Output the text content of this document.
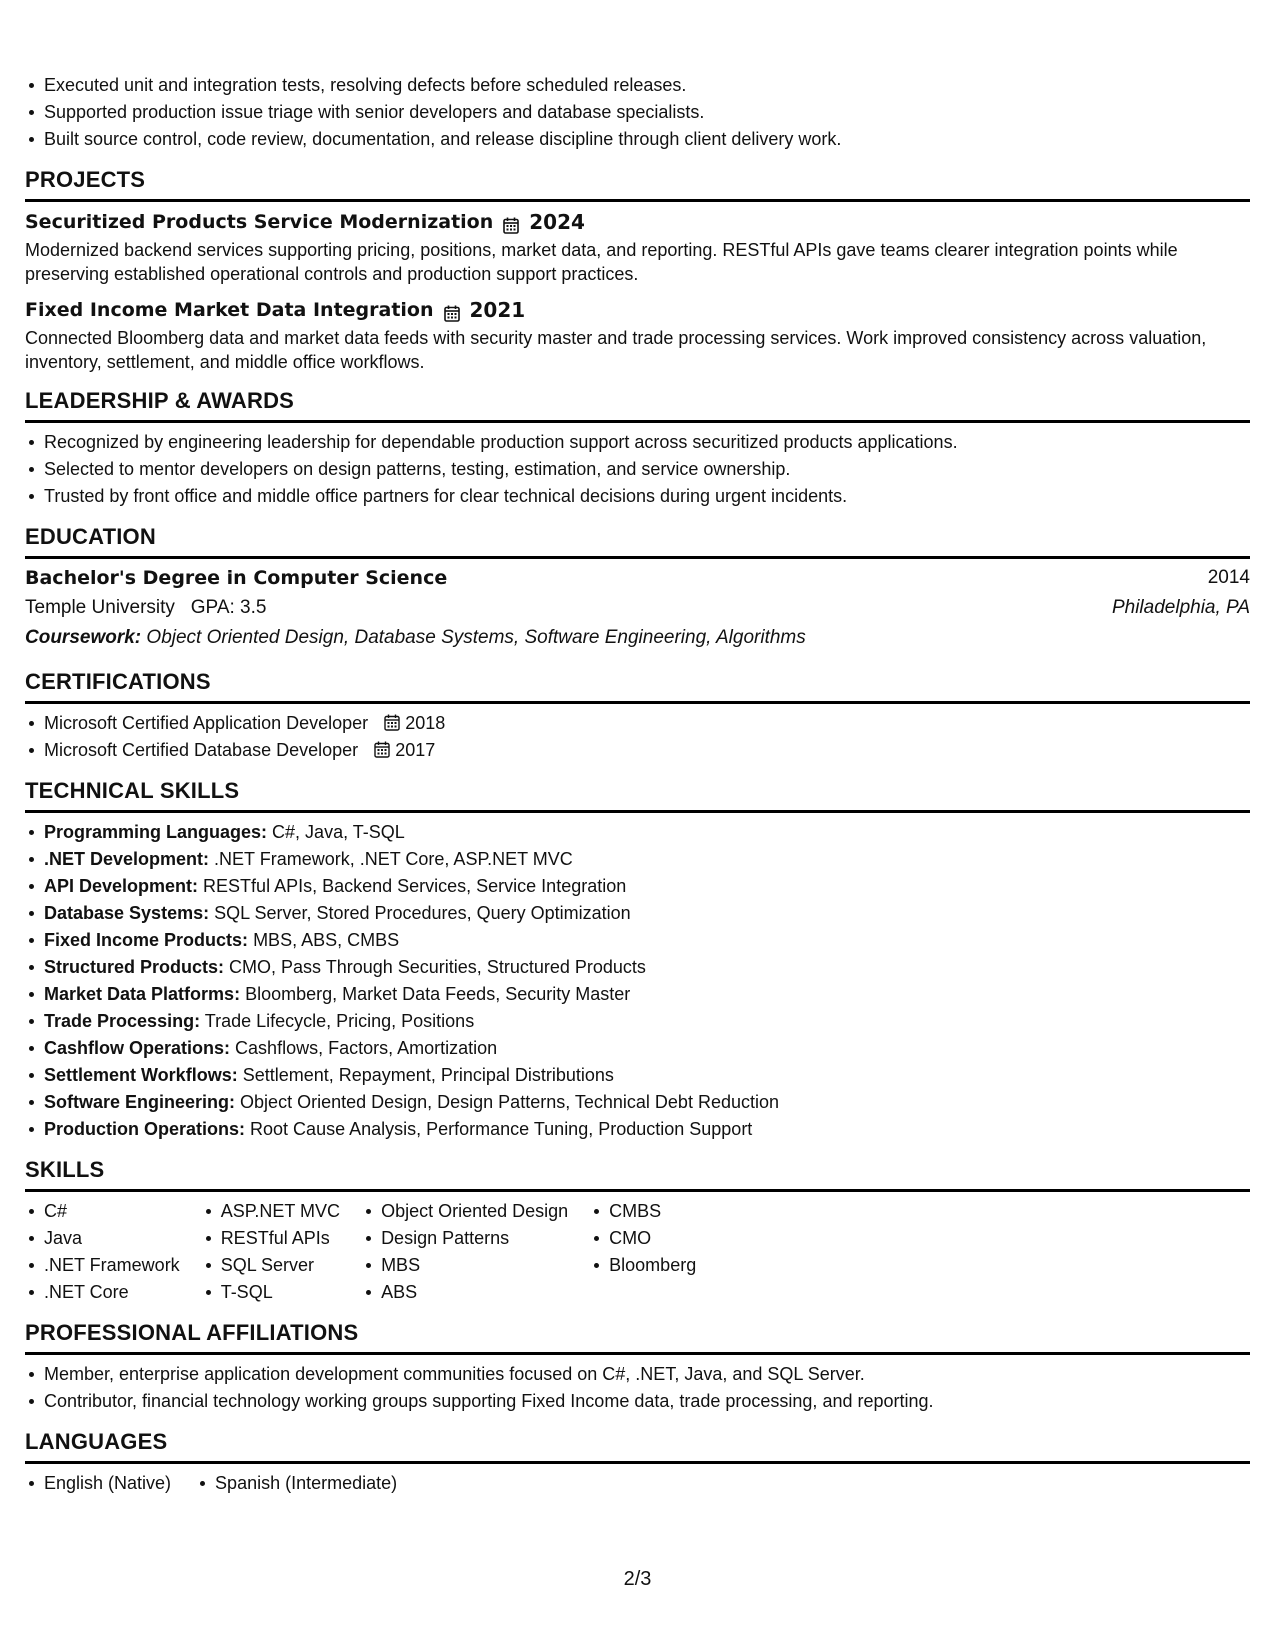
Executed unit and integration tests, resolving defects before scheduled releases.
Supported production issue triage with senior developers and database specialists.
Built source control, code review, documentation, and release discipline through client delivery work.
PROJECTS
Securitized Products Service Modernization 2024
Modernized backend services supporting pricing, positions, market data, and reporting. RESTful APIs gave teams clearer integration points while preserving established operational controls and production support practices.
Fixed Income Market Data Integration 2021
Connected Bloomberg data and market data feeds with security master and trade processing services. Work improved consistency across valuation, inventory, settlement, and middle office workflows.
LEADERSHIP & AWARDS
Recognized by engineering leadership for dependable production support across securitized products applications.
Selected to mentor developers on design patterns, testing, estimation, and service ownership.
Trusted by front office and middle office partners for clear technical decisions during urgent incidents.
EDUCATION
Bachelor's Degree in Computer Science	2014
Temple University GPA: 3.5	Philadelphia, PA
Coursework: Object Oriented Design, Database Systems, Software Engineering, Algorithms
CERTIFICATIONS
Microsoft Certified Application Developer 2018
Microsoft Certified Database Developer 2017
TECHNICAL SKILLS
Programming Languages: C#, Java, T-SQL
.NET Development: .NET Framework, .NET Core, ASP.NET MVC
API Development: RESTful APIs, Backend Services, Service Integration
Database Systems: SQL Server, Stored Procedures, Query Optimization
Fixed Income Products: MBS, ABS, CMBS
Structured Products: CMO, Pass Through Securities, Structured Products
Market Data Platforms: Bloomberg, Market Data Feeds, Security Master
Trade Processing: Trade Lifecycle, Pricing, Positions
Cashflow Operations: Cashflows, Factors, Amortization
Settlement Workflows: Settlement, Repayment, Principal Distributions
Software Engineering: Object Oriented Design, Design Patterns, Technical Debt Reduction
Production Operations: Root Cause Analysis, Performance Tuning, Production Support
SKILLS
C#
Java
.NET Framework
.NET Core
ASP.NET MVC
RESTful APIs
SQL Server
T-SQL
Object Oriented Design
Design Patterns
MBS
ABS
CMBS
CMO
Bloomberg
PROFESSIONAL AFFILIATIONS
Member, enterprise application development communities focused on C#, .NET, Java, and SQL Server.
Contributor, financial technology working groups supporting Fixed Income data, trade processing, and reporting.
LANGUAGES
English (Native) Spanish (Intermediate)
2/3
